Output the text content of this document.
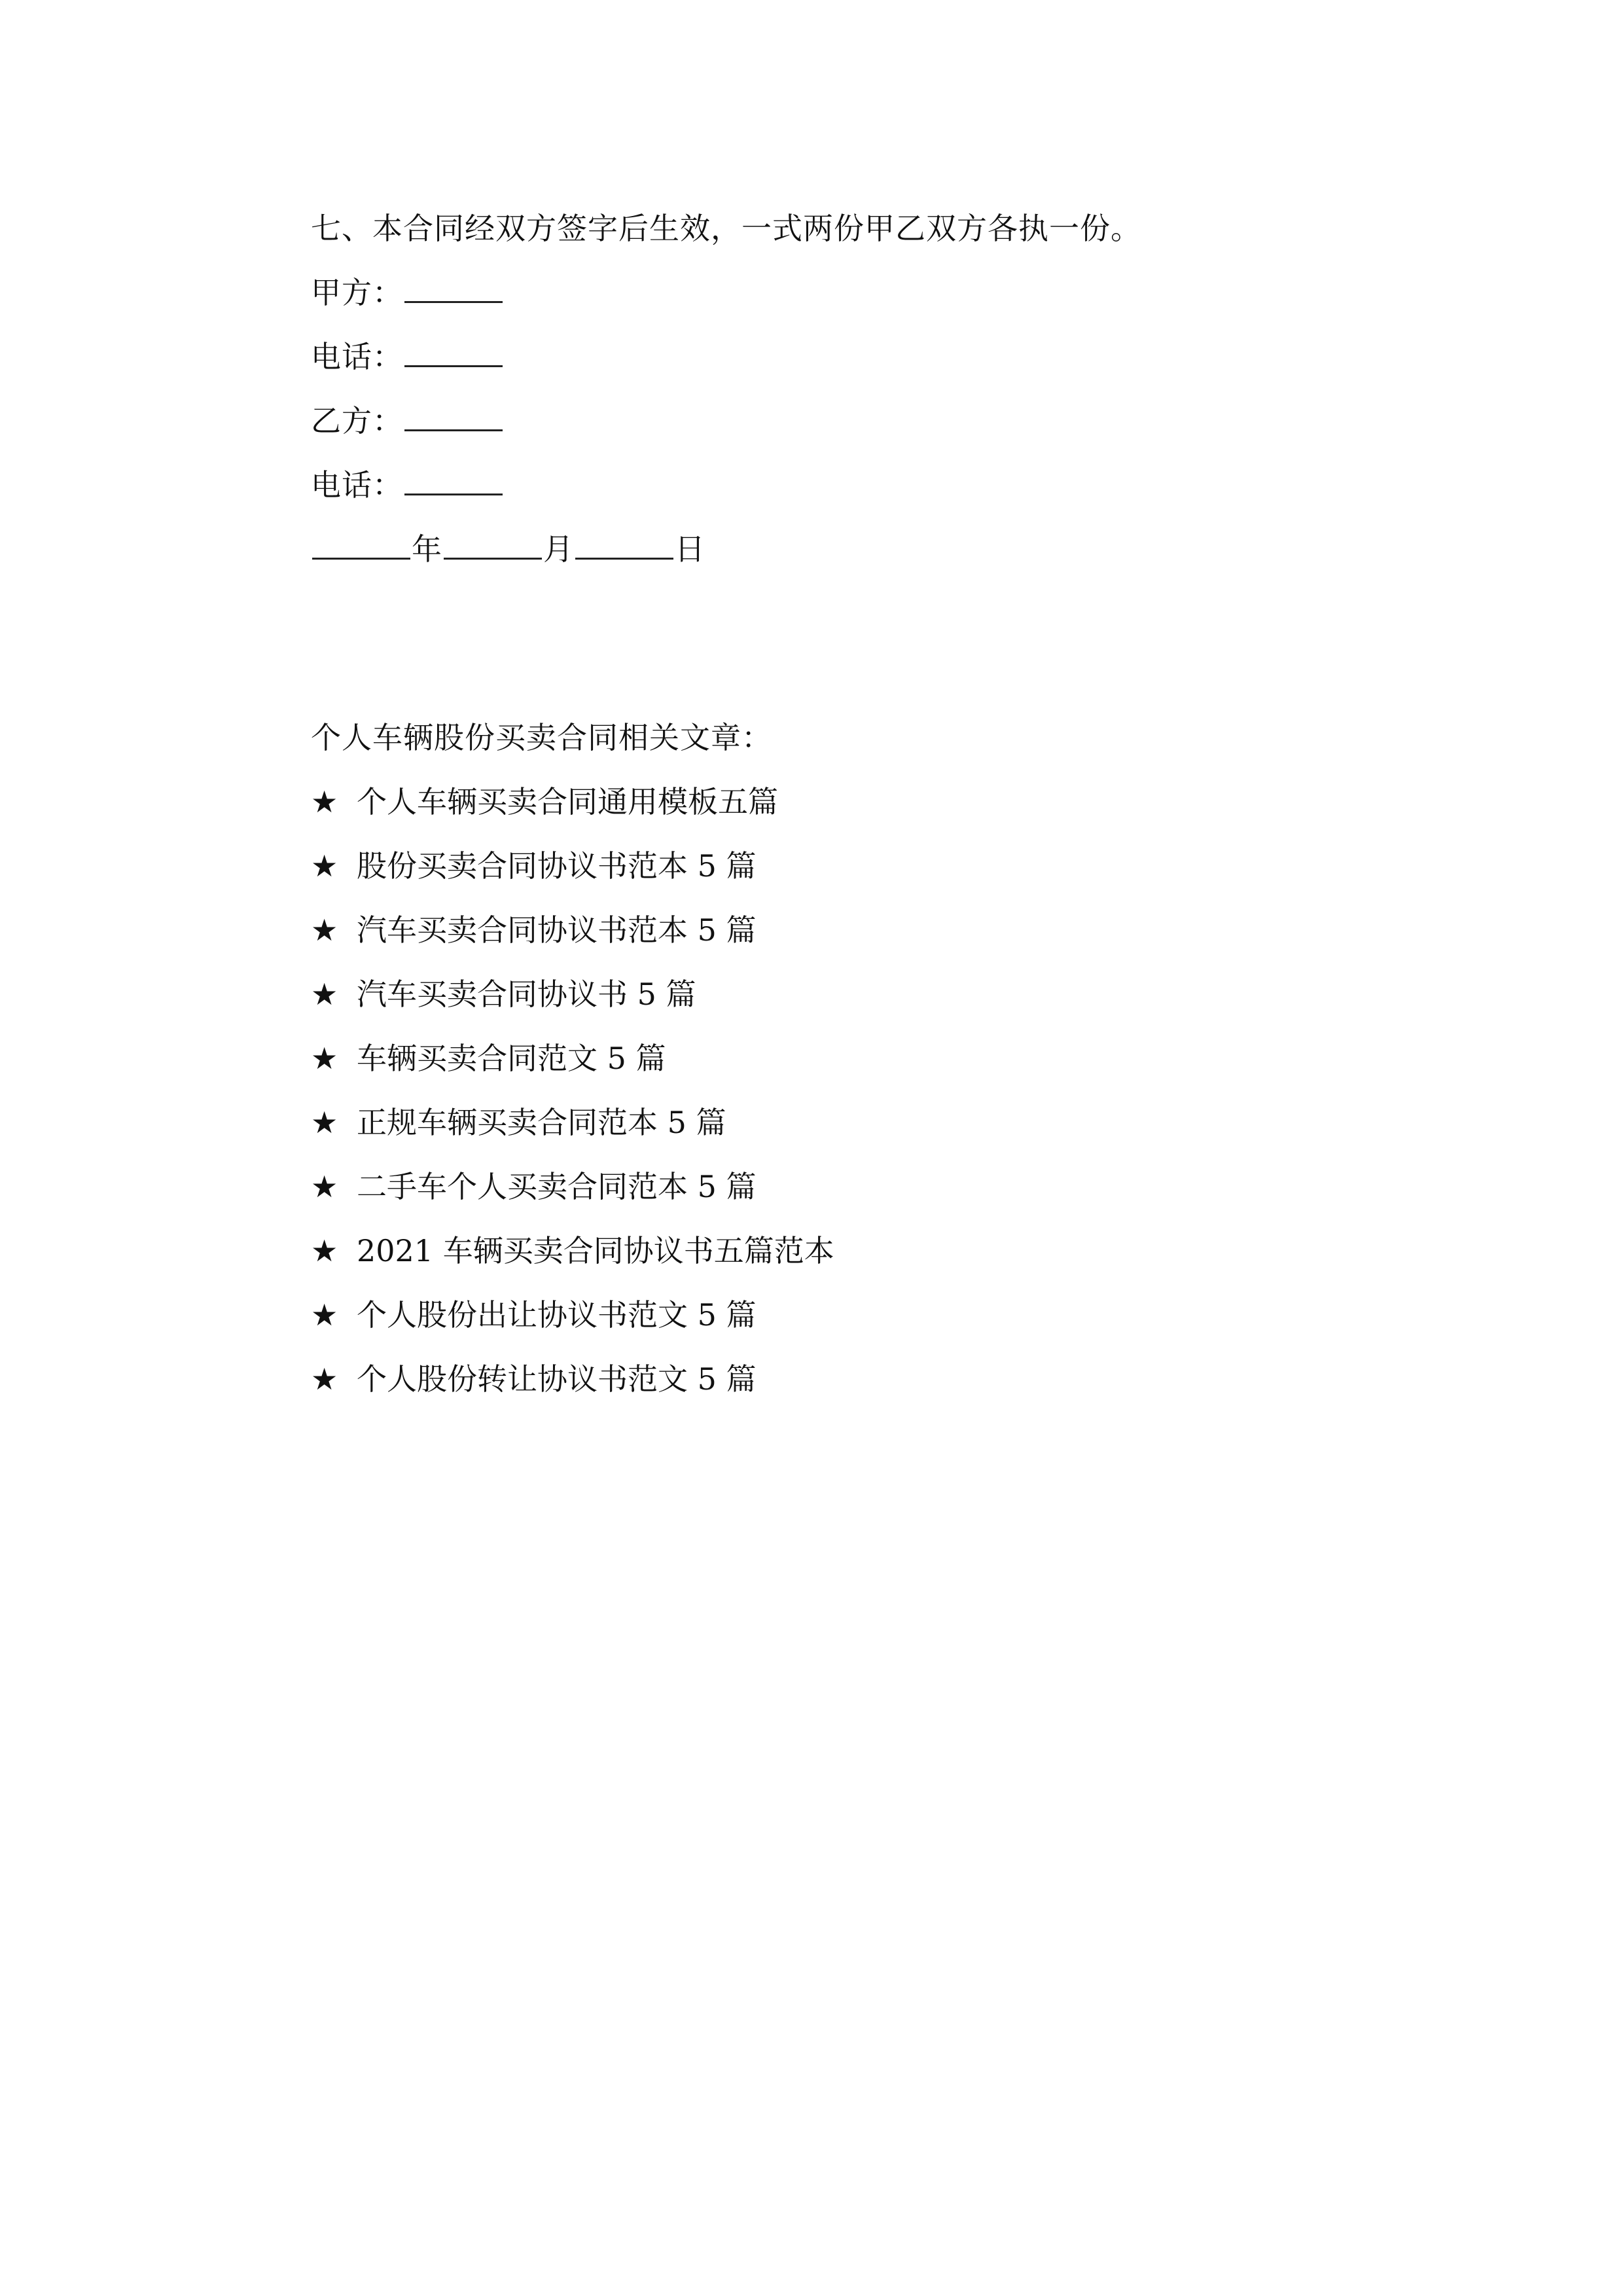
七、本合同经双方签字后生效，一式两份甲乙双方各执一份。
甲方：
电话：
乙方：
电话：
年	月	日
个人车辆股份买卖合同相关文章：
★ 个人车辆买卖合同通用模板五篇
★ 股份买卖合同协议书范本 5 篇
★ 汽车买卖合同协议书范本 5 篇
★ 汽车买卖合同协议书 5 篇
★ 车辆买卖合同范文 5 篇
★ 正规车辆买卖合同范本 5 篇
★ 二手车个人买卖合同范本 5 篇
★ 2021 车辆买卖合同协议书五篇范本
★ 个人股份出让协议书范文 5 篇
★ 个人股份转让协议书范文 5 篇
